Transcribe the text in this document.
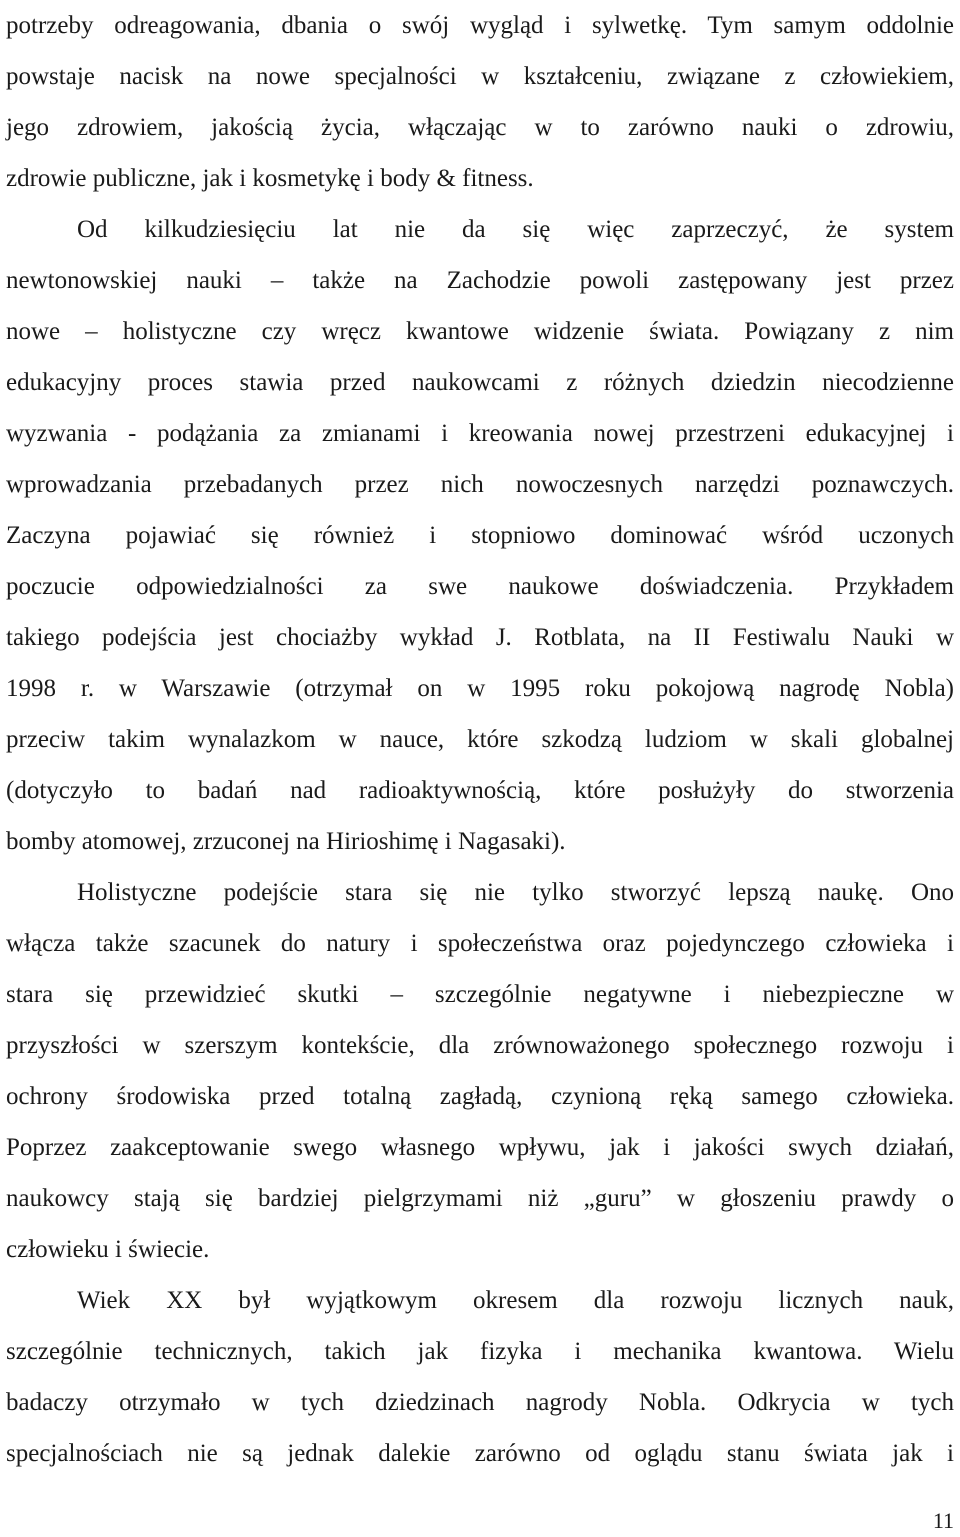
potrzeby odreagowania, dbania o swój wygląd i sylwetkę. Tym samym oddolnie
powstaje nacisk na nowe specjalności w kształceniu, związane z człowiekiem,
jego zdrowiem, jakością życia, włączając w to zarówno nauki o zdrowiu,
zdrowie publiczne, jak i kosmetykę i body & fitness.
Od kilkudziesięciu lat nie da się więc zaprzeczyć, że system
newtonowskiej nauki – także na Zachodzie powoli zastępowany jest przez
nowe – holistyczne czy wręcz kwantowe widzenie świata. Powiązany z nim
edukacyjny proces stawia przed naukowcami z różnych dziedzin niecodzienne
wyzwania - podążania za zmianami i kreowania nowej przestrzeni edukacyjnej i
wprowadzania przebadanych przez nich nowoczesnych narzędzi poznawczych.
Zaczyna pojawiać się również i stopniowo dominować wśród uczonych
poczucie odpowiedzialności za swe naukowe doświadczenia. Przykładem
takiego podejścia jest chociażby wykład J. Rotblata, na II Festiwalu Nauki w
1998 r. w Warszawie (otrzymał on w 1995 roku pokojową nagrodę Nobla)
przeciw takim wynalazkom w nauce, które szkodzą ludziom w skali globalnej
(dotyczyło to badań nad radioaktywnością, które posłużyły do stworzenia
bomby atomowej, zrzuconej na Hirioshimę i Nagasaki).
Holistyczne podejście stara się nie tylko stworzyć lepszą naukę. Ono
włącza także szacunek do natury i społeczeństwa oraz pojedynczego człowieka i
stara się przewidzieć skutki – szczególnie negatywne i niebezpieczne w
przyszłości w szerszym kontekście, dla zrównoważonego społecznego rozwoju i
ochrony środowiska przed totalną zagładą, czynioną ręką samego człowieka.
Poprzez zaakceptowanie swego własnego wpływu, jak i jakości swych działań,
naukowcy stają się bardziej pielgrzymami niż „guru” w głoszeniu prawdy o
człowieku i świecie.
Wiek XX był wyjątkowym okresem dla rozwoju licznych nauk,
szczególnie technicznych, takich jak fizyka i mechanika kwantowa. Wielu
badaczy otrzymało w tych dziedzinach nagrody Nobla. Odkrycia w tych
specjalnościach nie są jednak dalekie zarówno od oglądu stanu świata jak i
11
